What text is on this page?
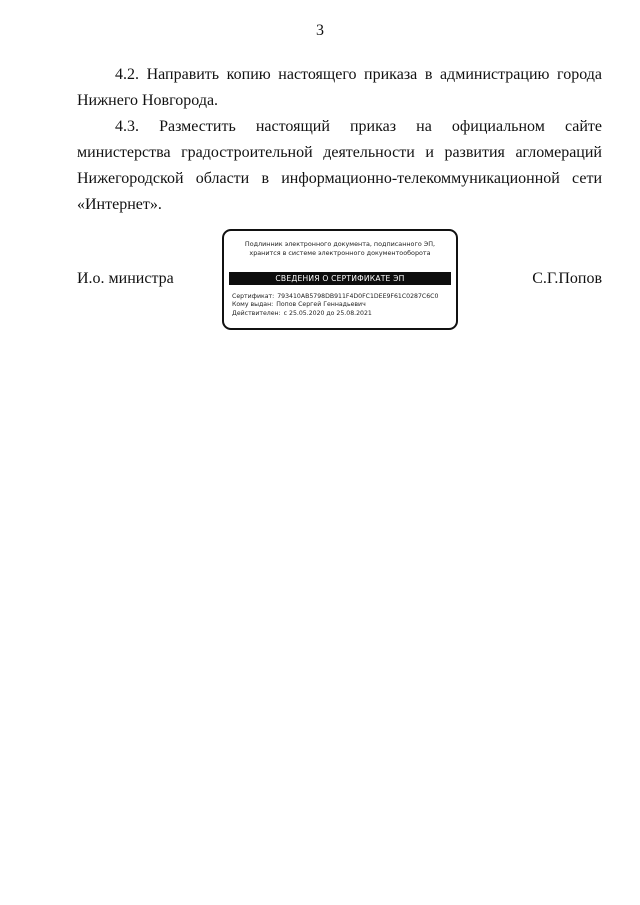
3

4.2. Направить копию настоящего приказа в администрацию города Нижнего Новгорода.

4.3. Разместить настоящий приказ на официальном сайте министерства градостроительной деятельности и развития агломераций Нижегородской области в информационно-телекоммуникационной сети «Интернет».

И.о. министра	С.Г.Попов
Подлинник электронного документа, подписанного ЭП,
хранится в системе электронного документооборота
СВЕДЕНИЯ О СЕРТИФИКАТЕ ЭП
Сертификат: 793410AB5798DB911F4D0FC1DEE9F61C0287C6C0
Кому выдан: Попов Сергей Геннадьевич
Действителен: с 25.05.2020 до 25.08.2021
